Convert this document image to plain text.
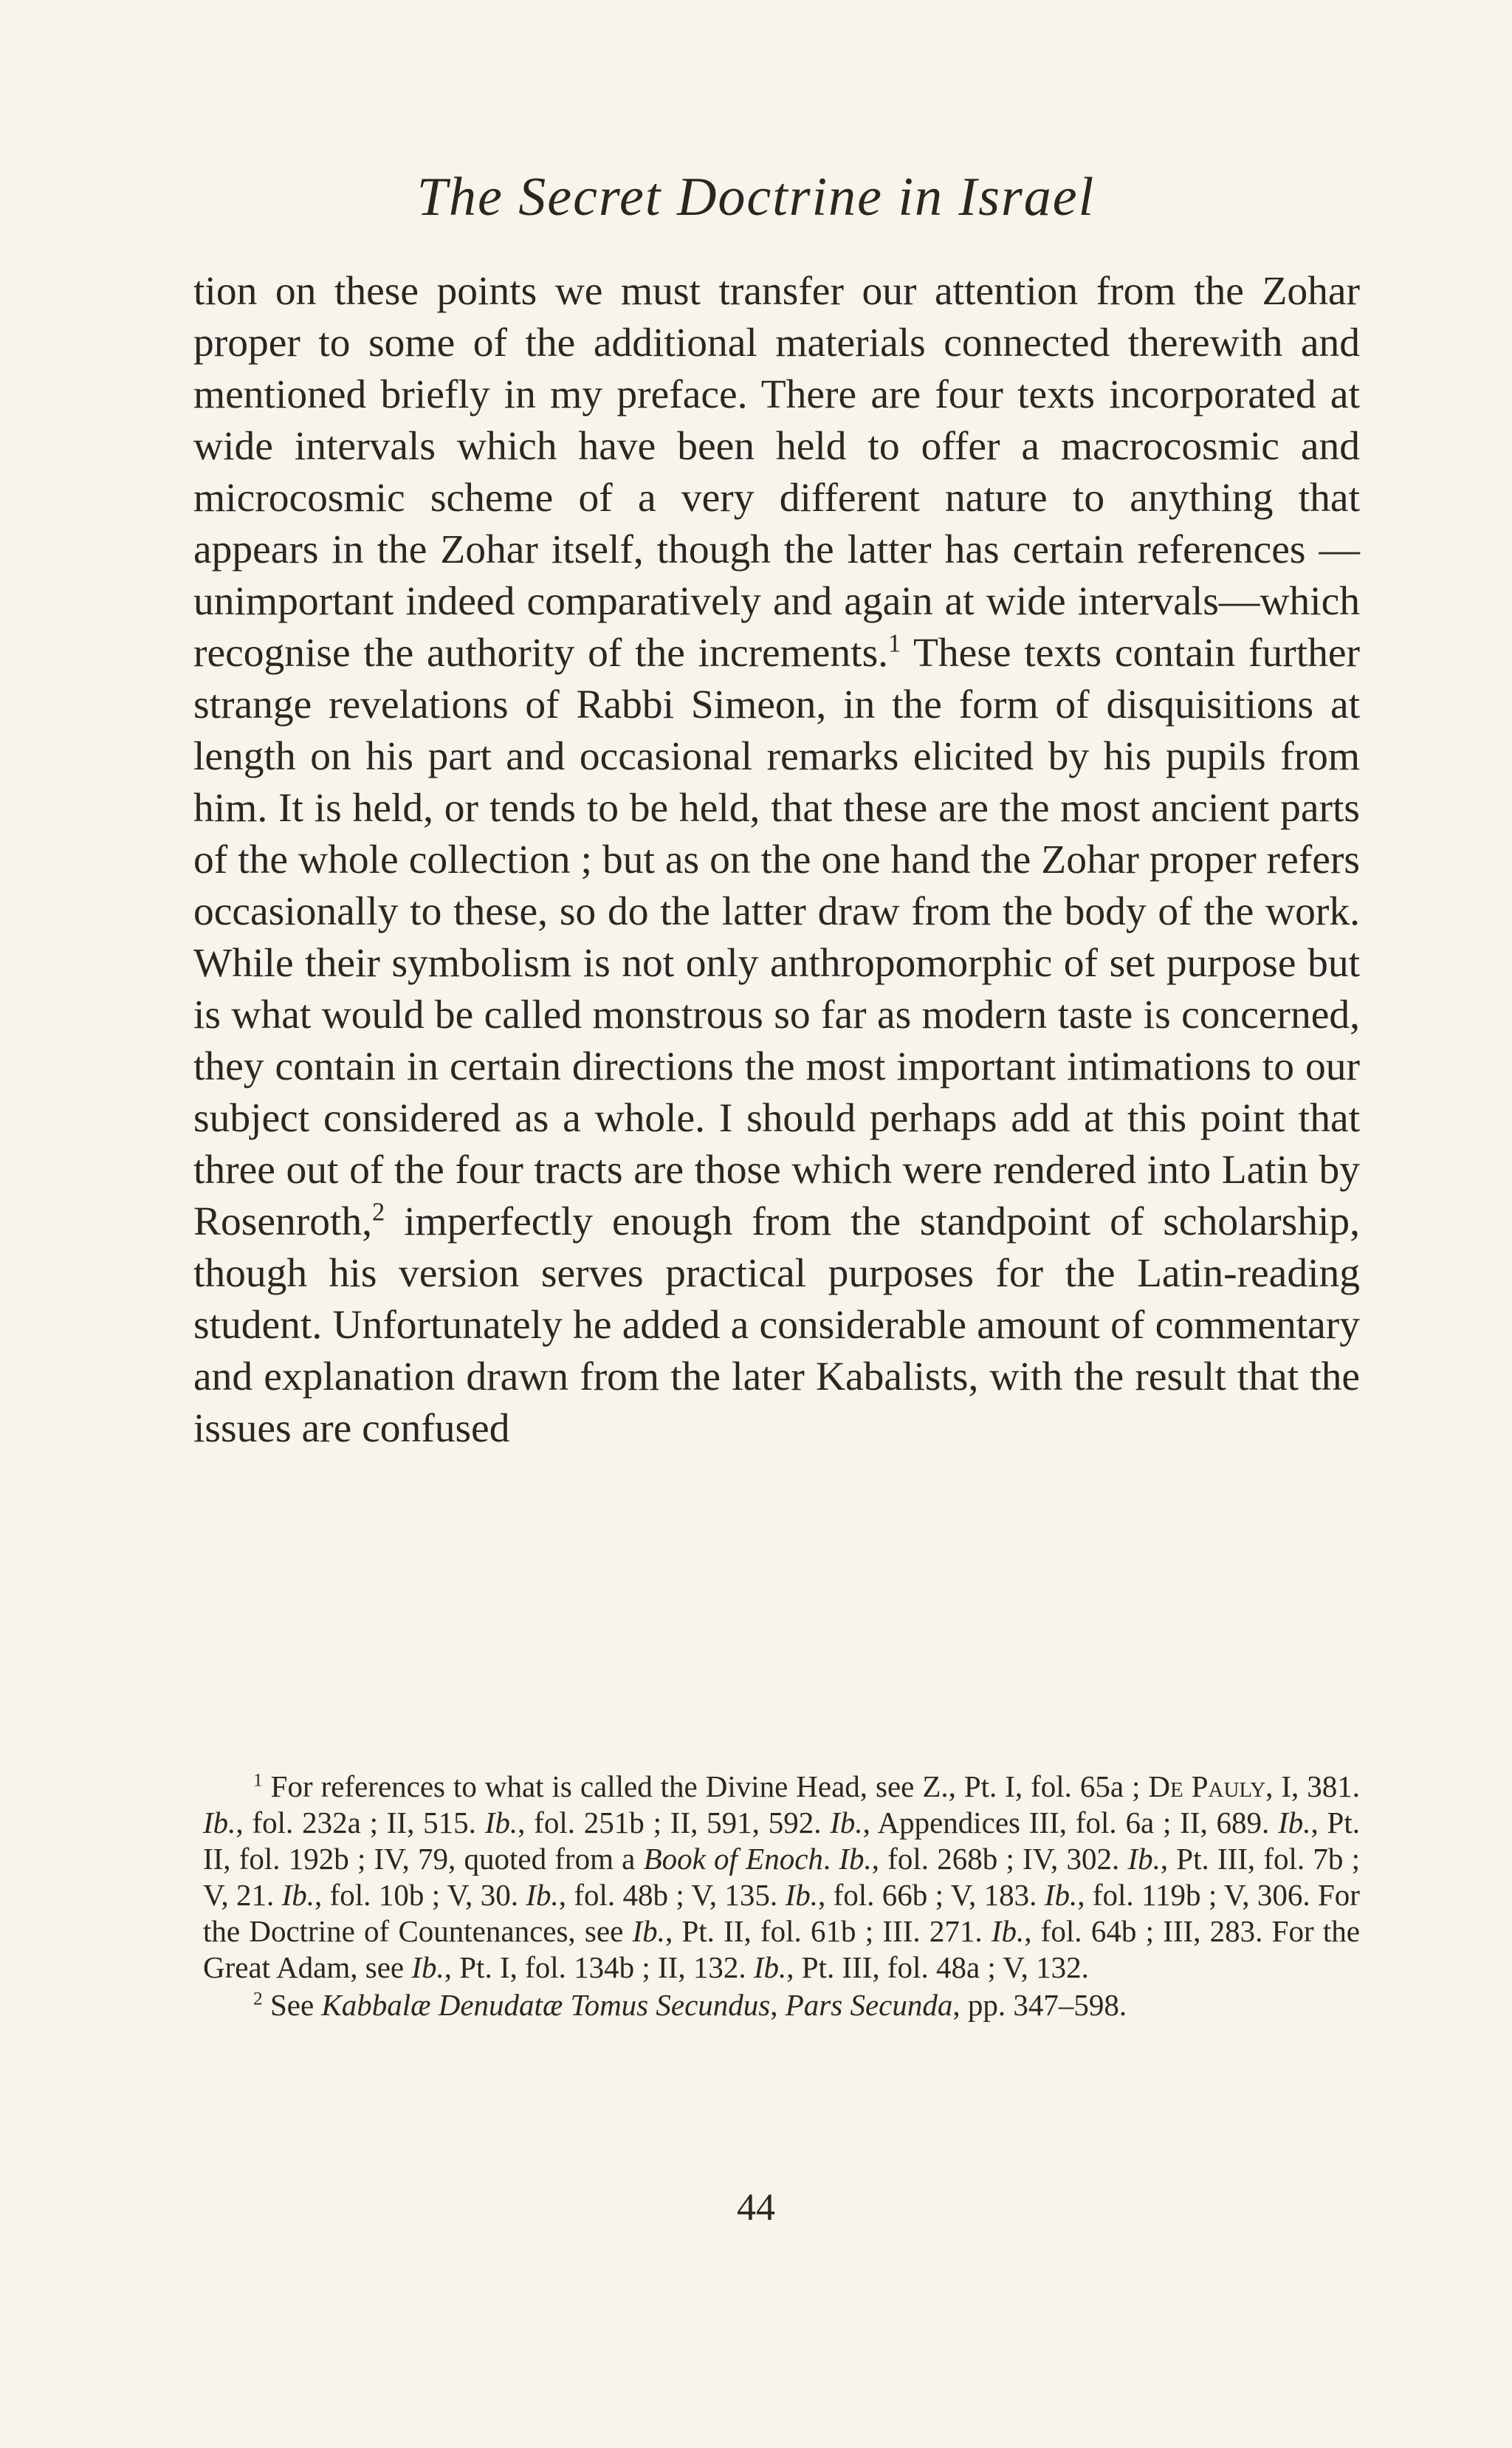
The Secret Doctrine in Israel
tion on these points we must transfer our attention from the Zohar proper to some of the additional materials connected therewith and mentioned briefly in my preface. There are four texts incorporated at wide intervals which have been held to offer a macrocosmic and microcosmic scheme of a very different nature to anything that appears in the Zohar itself, though the latter has certain references —unimportant indeed comparatively and again at wide intervals—which recognise the authority of the increments.$^1$ These texts contain further strange revelations of Rabbi Simeon, in the form of disquisitions at length on his part and occasional remarks elicited by his pupils from him. It is held, or tends to be held, that these are the most ancient parts of the whole collection ; but as on the one hand the Zohar proper refers occasionally to these, so do the latter draw from the body of the work. While their symbolism is not only anthropomorphic of set purpose but is what would be called monstrous so far as modern taste is concerned, they contain in certain directions the most important intimations to our subject considered as a whole. I should perhaps add at this point that three out of the four tracts are those which were rendered into Latin by Rosenroth,$^2$ imperfectly enough from the standpoint of scholarship, though his version serves practical purposes for the Latin-reading student. Unfortunately he added a considerable amount of commentary and explanation drawn from the later Kabalists, with the result that the issues are confused

$^1$ For references to what is called the Divine Head, see Z., Pt. I, fol. 65a ; De Pauly, I, 381. Ib., fol. 232a ; II, 515. Ib., fol. 251b ; II, 591, 592. Ib., Appendices III, fol. 6a ; II, 689. Ib., Pt. II, fol. 192b ; IV, 79, quoted from a Book of Enoch. Ib., fol. 268b ; IV, 302. Ib., Pt. III, fol. 7b ; V, 21. Ib., fol. 10b ; V, 30. Ib., fol. 48b ; V, 135. Ib., fol. 66b ; V, 183. Ib., fol. 119b ; V, 306. For the Doctrine of Countenances, see Ib., Pt. II, fol. 61b ; III. 271. Ib., fol. 64b ; III, 283. For the Great Adam, see Ib., Pt. I, fol. 134b ; II, 132. Ib., Pt. III, fol. 48a ; V, 132.

$^2$ See Kabbalæ Denudatæ Tomus Secundus, Pars Secunda, pp. 347–598.

44
